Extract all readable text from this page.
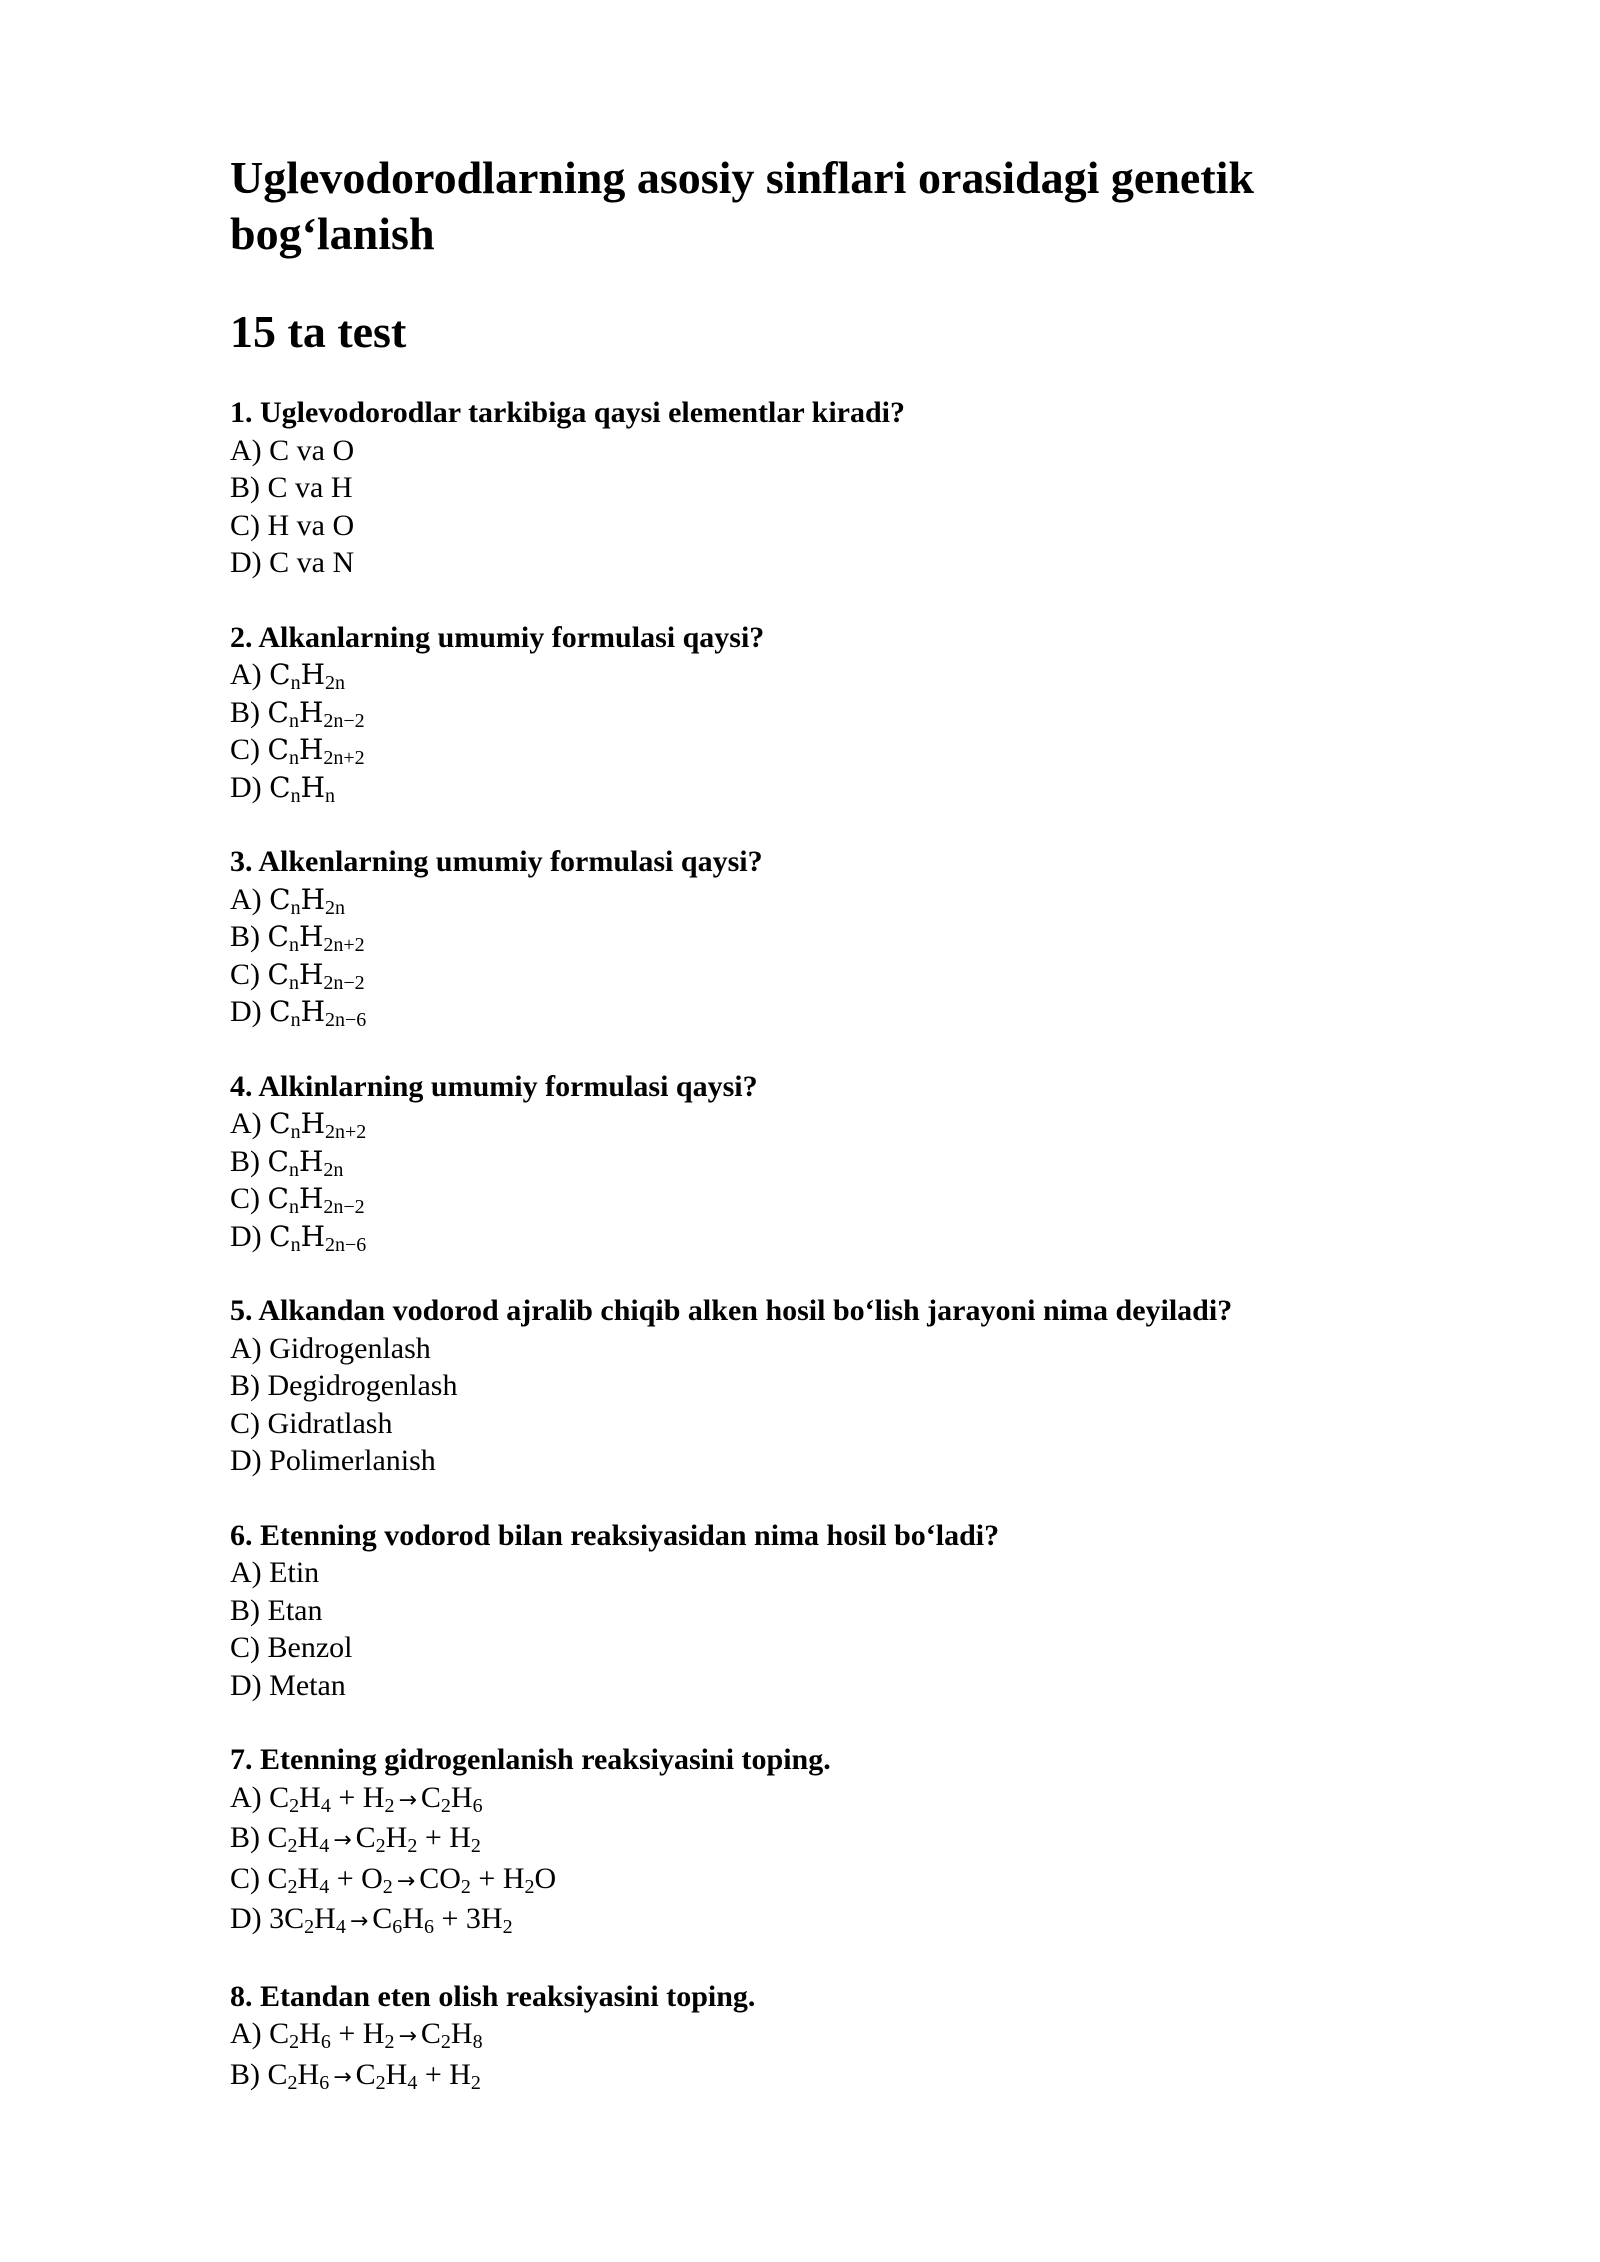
Uglevodorodlarning asosiy sinflari orasidagi genetik bog‘lanish
15 ta test
1. Uglevodorodlar tarkibiga qaysi elementlar kiradi?
A) C va O
B) C va H
C) H va O
D) C va N
2. Alkanlarning umumiy formulasi qaysi?
A) $C_nH_{2n}$
B) $C_nH_{2n-2}$
C) $C_nH_{2n+2}$
D) $C_nH_n$
3. Alkenlarning umumiy formulasi qaysi?
A) $C_nH_{2n}$
B) $C_nH_{2n+2}$
C) $C_nH_{2n-2}$
D) $C_nH_{2n-6}$
4. Alkinlarning umumiy formulasi qaysi?
A) $C_nH_{2n+2}$
B) $C_nH_{2n}$
C) $C_nH_{2n-2}$
D) $C_nH_{2n-6}$
5. Alkandan vodorod ajralib chiqib alken hosil bo‘lish jarayoni nima deyiladi?
A) Gidrogenlash
B) Degidrogenlash
C) Gidratlash
D) Polimerlanish
6. Etenning vodorod bilan reaksiyasidan nima hosil bo‘ladi?
A) Etin
B) Etan
C) Benzol
D) Metan
7. Etenning gidrogenlanish reaksiyasini toping.
A) $C_2H_4 + H_2 \to C_2H_6$
B) $C_2H_4 \to C_2H_2 + H_2$
C) $C_2H_4 + O_2 \to CO_2 + H_2O$
D) $3C_2H_4 \to C_6H_6 + 3H_2$
8. Etandan eten olish reaksiyasini toping.
A) $C_2H_6 + H_2 \to C_2H_8$
B) $C_2H_6 \to C_2H_4 + H_2$
